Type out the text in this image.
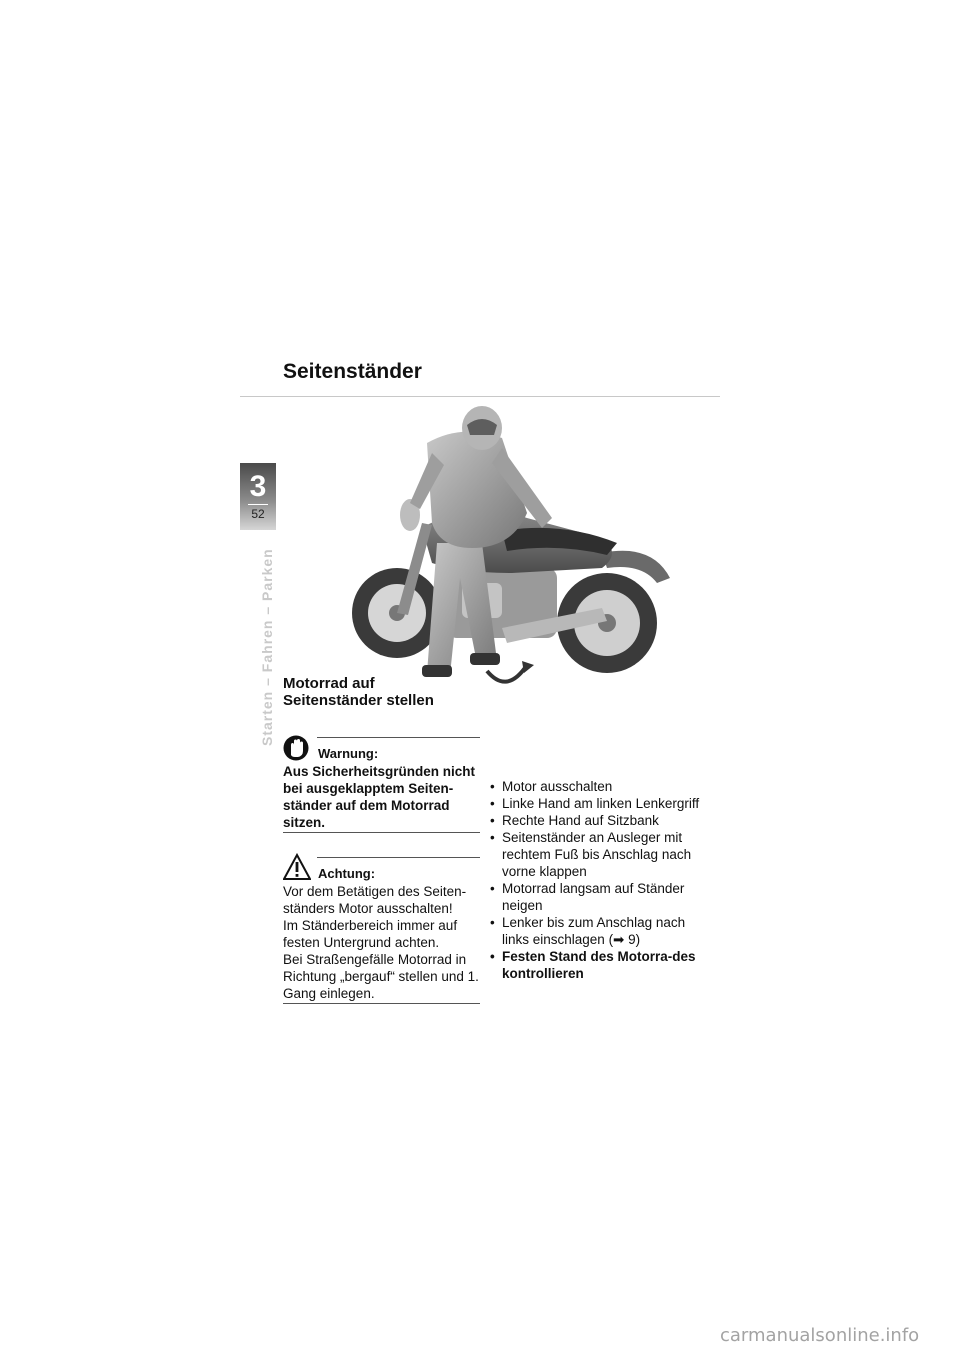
Seitenständer
3
52
Starten – Fahren – Parken Motorrad auf
Seitenständer stellen
Warnung:

Aus Sicherheitsgründen nicht bei ausgeklapptem Seiten-ständer auf dem Motorrad sitzen.

Achtung:

Vor dem Betätigen des Seiten-ständers Motor ausschalten!
Im Ständerbereich immer auf festen Untergrund achten.
Bei Straßengefälle Motorrad in Richtung „bergauf“ stellen und 1. Gang einlegen.

• Motor ausschalten
• Linke Hand am linken Lenkergriff
• Rechte Hand auf Sitzbank
• Seitenständer an Ausleger mit rechtem Fuß bis Anschlag nach vorne klappen
• Motorrad langsam auf Ständer neigen
• Lenker bis zum Anschlag nach links einschlagen (➡ 9)
• Festen Stand des Motorra-des kontrollieren
carmanualsonline.info
